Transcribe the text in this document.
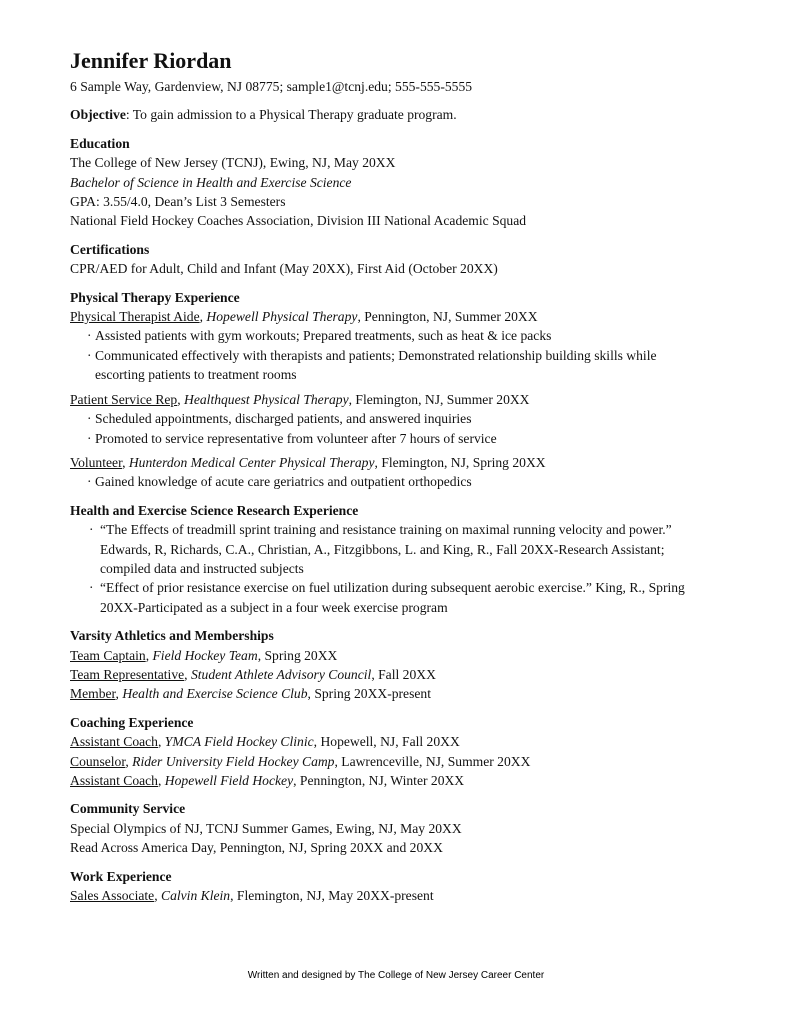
Jennifer Riordan
6 Sample Way, Gardenview, NJ 08775; sample1@tcnj.edu; 555-555-5555
Objective: To gain admission to a Physical Therapy graduate program.
Education
The College of New Jersey (TCNJ), Ewing, NJ, May 20XX
Bachelor of Science in Health and Exercise Science
GPA: 3.55/4.0, Dean’s List 3 Semesters
National Field Hockey Coaches Association, Division III National Academic Squad
Certifications
CPR/AED for Adult, Child and Infant (May 20XX), First Aid (October 20XX)
Physical Therapy Experience
Physical Therapist Aide, Hopewell Physical Therapy, Pennington, NJ, Summer 20XX
· Assisted patients with gym workouts; Prepared treatments, such as heat & ice packs
· Communicated effectively with therapists and patients; Demonstrated relationship building skills while escorting patients to treatment rooms
Patient Service Rep, Healthquest Physical Therapy, Flemington, NJ, Summer 20XX
· Scheduled appointments, discharged patients, and answered inquiries
· Promoted to service representative from volunteer after 7 hours of service
Volunteer, Hunterdon Medical Center Physical Therapy, Flemington, NJ, Spring 20XX
· Gained knowledge of acute care geriatrics and outpatient orthopedics
Health and Exercise Science Research Experience
· “The Effects of treadmill sprint training and resistance training on maximal running velocity and power.” Edwards, R, Richards, C.A., Christian, A., Fitzgibbons, L. and King, R., Fall 20XX-Research Assistant; compiled data and instructed subjects
· “Effect of prior resistance exercise on fuel utilization during subsequent aerobic exercise.” King, R., Spring 20XX-Participated as a subject in a four week exercise program
Varsity Athletics and Memberships
Team Captain, Field Hockey Team, Spring 20XX
Team Representative, Student Athlete Advisory Council, Fall 20XX
Member, Health and Exercise Science Club, Spring 20XX-present
Coaching Experience
Assistant Coach, YMCA Field Hockey Clinic, Hopewell, NJ, Fall 20XX
Counselor, Rider University Field Hockey Camp, Lawrenceville, NJ, Summer 20XX
Assistant Coach, Hopewell Field Hockey, Pennington, NJ, Winter 20XX
Community Service
Special Olympics of NJ, TCNJ Summer Games, Ewing, NJ, May 20XX
Read Across America Day, Pennington, NJ, Spring 20XX and 20XX
Work Experience
Sales Associate, Calvin Klein, Flemington, NJ, May 20XX-present
Written and designed by The College of New Jersey Career Center
